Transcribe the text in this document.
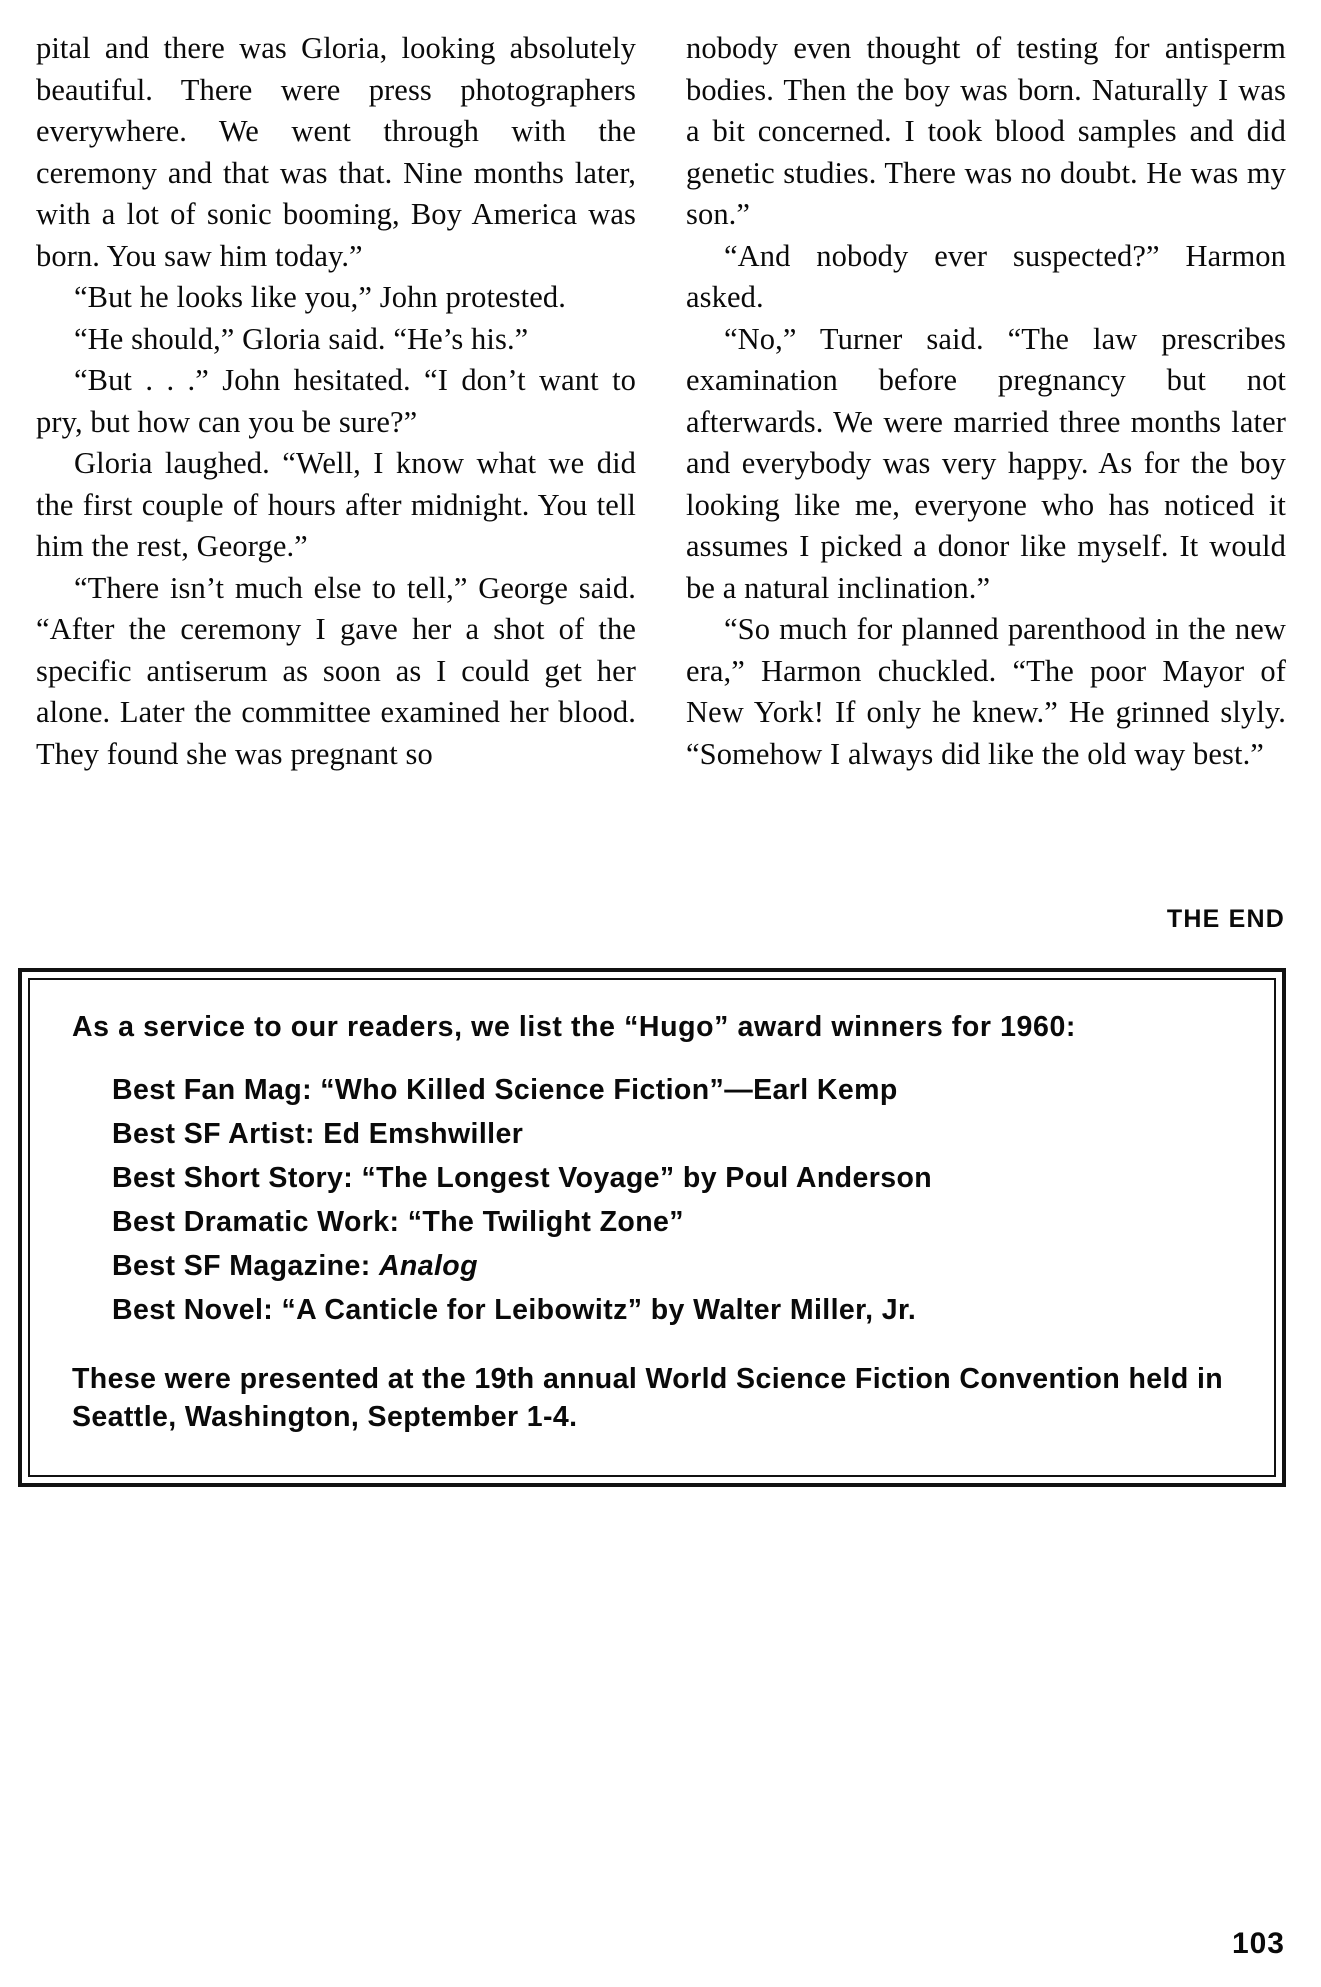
pital and there was Gloria, looking absolutely beautiful. There were press photographers everywhere. We went through with the ceremony and that was that. Nine months later, with a lot of sonic booming, Boy America was born. You saw him today.”

“But he looks like you,” John protested.

“He should,” Gloria said. “He’s his.”

“But . . .” John hesitated. “I don’t want to pry, but how can you be sure?”

Gloria laughed. “Well, I know what we did the first couple of hours after midnight. You tell him the rest, George.”

“There isn’t much else to tell,” George said. “After the ceremony I gave her a shot of the specific antiserum as soon as I could get her alone. Later the committee examined her blood. They found she was pregnant so

nobody even thought of testing for antisperm bodies. Then the boy was born. Naturally I was a bit concerned. I took blood samples and did genetic studies. There was no doubt. He was my son.”

“And nobody ever suspected?” Harmon asked.

“No,” Turner said. “The law prescribes examination before pregnancy but not afterwards. We were married three months later and everybody was very happy. As for the boy looking like me, everyone who has noticed it assumes I picked a donor like myself. It would be a natural inclination.”

“So much for planned parenthood in the new era,” Harmon chuckled. “The poor Mayor of New York! If only he knew.” He grinned slyly. “Somehow I always did like the old way best.”

THE END

As a service to our readers, we list the “Hugo” award winners for 1960:

Best Fan Mag: “Who Killed Science Fiction”—Earl Kemp
Best SF Artist: Ed Emshwiller
Best Short Story: “The Longest Voyage” by Poul Anderson
Best Dramatic Work: “The Twilight Zone”
Best SF Magazine: Analog
Best Novel: “A Canticle for Leibowitz” by Walter Miller, Jr.

These were presented at the 19th annual World Science Fiction Convention held in Seattle, Washington, September 1-4.

103
